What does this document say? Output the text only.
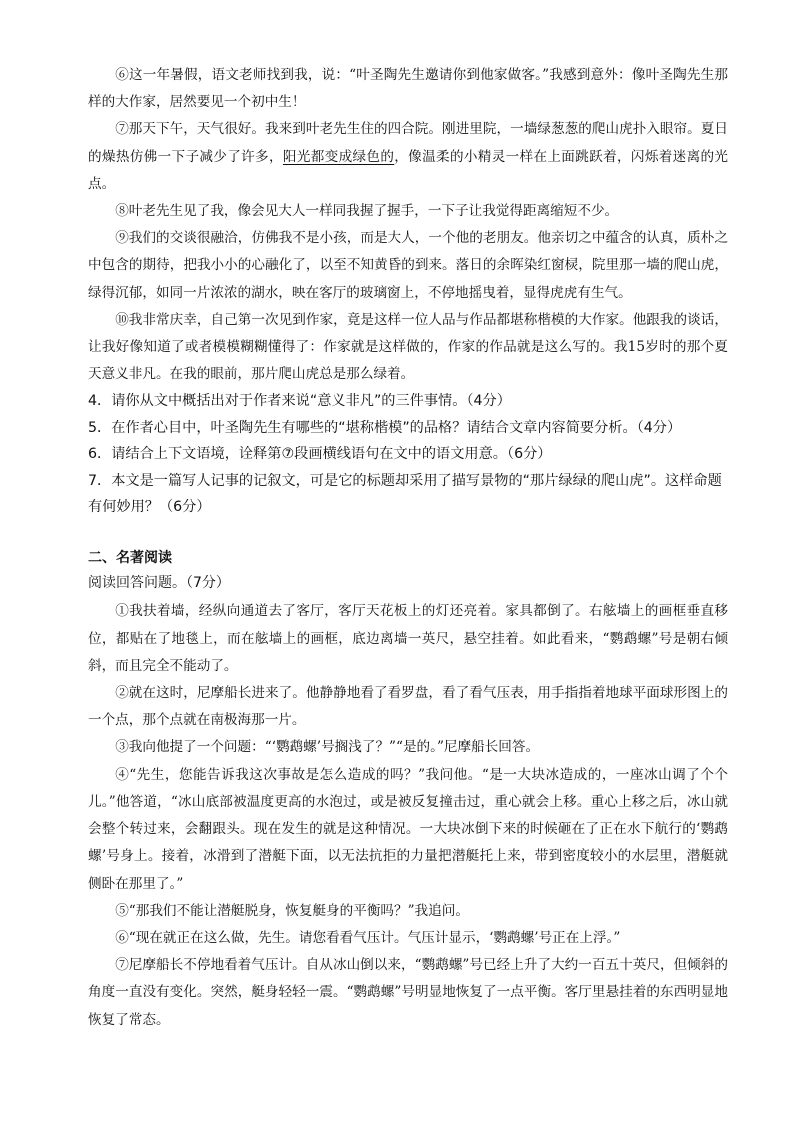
⑥这一年暑假，语文老师找到我，说：“叶圣陶先生邀请你到他家做客。”我感到意外：像叶圣陶先生那样的大作家，居然要见一个初中生！

⑦那天下午，天气很好。我来到叶老先生住的四合院。刚进里院，一墙绿葱葱的爬山虎扑入眼帘。夏日的燥热仿佛一下子减少了许多，阳光都变成绿色的，像温柔的小精灵一样在上面跳跃着，闪烁着迷离的光点。

⑧叶老先生见了我，像会见大人一样同我握了握手，一下子让我觉得距离缩短不少。

⑨我们的交谈很融洽，仿佛我不是小孩，而是大人，一个他的老朋友。他亲切之中蕴含的认真，质朴之中包含的期待，把我小小的心融化了，以至不知黄昏的到来。落日的余晖染红窗棂，院里那一墙的爬山虎，绿得沉郁，如同一片浓浓的湖水，映在客厅的玻璃窗上，不停地摇曳着，显得虎虎有生气。

⑩我非常庆幸，自己第一次见到作家，竟是这样一位人品与作品都堪称楷模的大作家。他跟我的谈话，让我好像知道了或者模模糊糊懂得了：作家就是这样做的，作家的作品就是这么写的。我15岁时的那个夏天意义非凡。在我的眼前，那片爬山虎总是那么绿着。

4．请你从文中概括出对于作者来说“意义非凡”的三件事情。（4分）

5．在作者心目中，叶圣陶先生有哪些的“堪称楷模”的品格？请结合文章内容简要分析。（4分）

6．请结合上下文语境，诠释第⑦段画横线语句在文中的语文用意。（6分）

7．本文是一篇写人记事的记叙文，可是它的标题却采用了描写景物的“那片绿绿的爬山虎”。这样命题有何妙用？（6分）

二、名著阅读

阅读回答问题。（7分）

①我扶着墙，经纵向通道去了客厅，客厅天花板上的灯还亮着。家具都倒了。右舷墙上的画框垂直移位，都贴在了地毯上，而在舷墙上的画框，底边离墙一英尺，悬空挂着。如此看来，“鹦鹉螺”号是朝右倾斜，而且完全不能动了。

②就在这时，尼摩船长进来了。他静静地看了看罗盘，看了看气压表，用手指指着地球平面球形图上的一个点，那个点就在南极海那一片。

③我向他提了一个问题：“‘鹦鹉螺’号搁浅了？”“是的。”尼摩船长回答。

④“先生，您能告诉我这次事故是怎么造成的吗？”我问他。“是一大块冰造成的，一座冰山调了个个儿。”他答道，“冰山底部被温度更高的水泡过，或是被反复撞击过，重心就会上移。重心上移之后，冰山就会整个转过来，会翻跟头。现在发生的就是这种情况。一大块冰倒下来的时候砸在了正在水下航行的‘鹦鹉螺’号身上。接着，冰滑到了潜艇下面，以无法抗拒的力量把潜艇托上来，带到密度较小的水层里，潜艇就侧卧在那里了。”

⑤“那我们不能让潜艇脱身，恢复艇身的平衡吗？”我追问。

⑥“现在就正在这么做，先生。请您看看气压计。气压计显示，‘鹦鹉螺’号正在上浮。”

⑦尼摩船长不停地看着气压计。自从冰山倒以来，“鹦鹉螺”号已经上升了大约一百五十英尺，但倾斜的角度一直没有变化。突然，艇身轻轻一震。“鹦鹉螺”号明显地恢复了一点平衡。客厅里悬挂着的东西明显地恢复了常态。
